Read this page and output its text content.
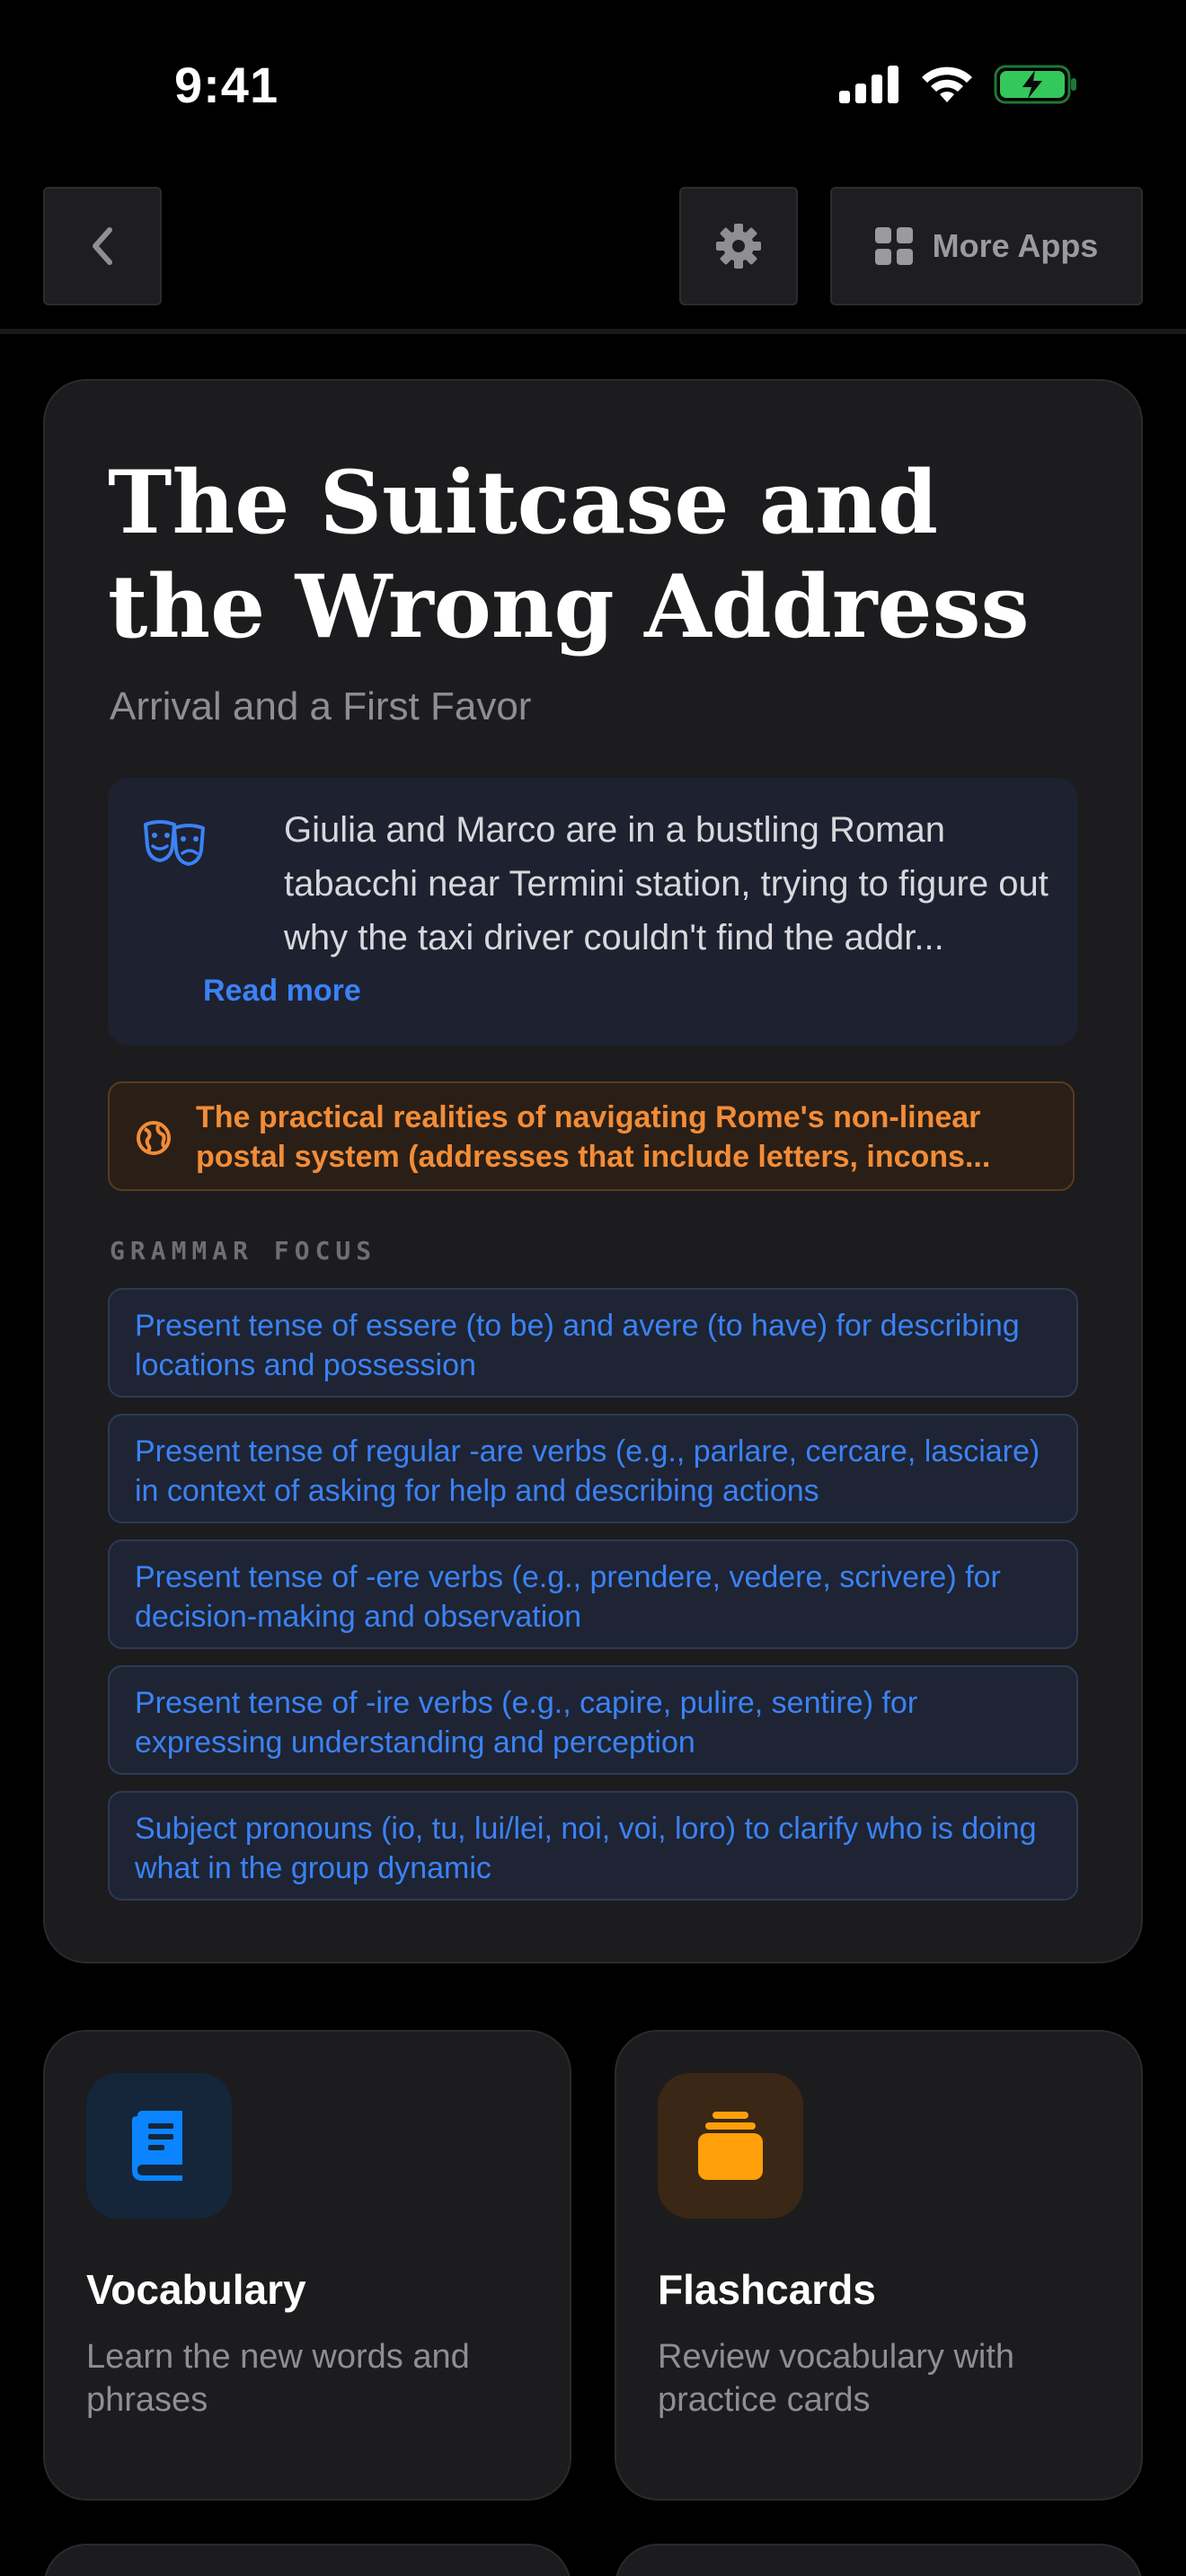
9:41
More Apps
The Suitcase and the Wrong Address
Arrival and a First Favor
Giulia and Marco are in a bustling Roman tabacchi near Termini station, trying to figure out why the taxi driver couldn't find the addr...
Read more
The practical realities of navigating Rome's non-linear postal system (addresses that include letters, incons...
GRAMMAR FOCUS
Present tense of essere (to be) and avere (to have) for describing locations and possession
Present tense of regular -are verbs (e.g., parlare, cercare, lasciare) in context of asking for help and describing actions
Present tense of -ere verbs (e.g., prendere, vedere, scrivere) for decision-making and observation
Present tense of -ire verbs (e.g., capire, pulire, sentire) for expressing understanding and perception
Subject pronouns (io, tu, lui/lei, noi, voi, loro) to clarify who is doing what in the group dynamic
Vocabulary
Learn the new words and phrases
Flashcards
Review vocabulary with practice cards
